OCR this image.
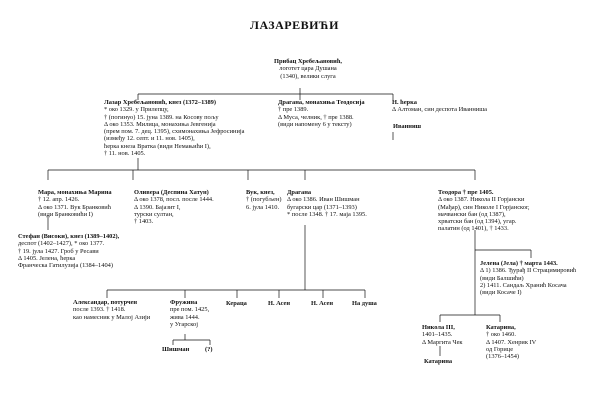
ЛАЗАРЕВИЋИ
Прибац Хребељановић,
логотет цара Душана
(1340), велики слуга
Лазар Хребељановић, кнез (1372–1389)
* око 1329. у Прилепцу,
† (погинуо) 15. јуна 1389. на Косову пољу
Δ око 1353. Милица, монахиња Јевгенија
(прем пом. 7. дец. 1395), схимонахиња Јефросинија
(између 12. септ. и 11. нов. 1405),
ћерка кнеза Вратка (види Немањићи I),
† 11. нов. 1405.
Драгана, монахиња Теодосија
† пре 1389.
Δ Муса, челник, † пре 1388.
(види напомену 6 у тексту)
Н. ћерка
Δ Алтоман, син деспота Иванниша
Иванниш
Мара, монахиња Марина
† 12. апр. 1426.
Δ око 1371. Вук Бранковић
(види Бранковићи I)
Оливера (Деспина Хатун)
Δ око 1378, посл. после 1444.
Δ 1390. Бајазит I,
турски султан,
† 1403.
Вук, кнез,
† (погубљен)
6. јула 1410.
Драгана
Δ око 1386. Иван Шишман
бугарски цар (1371–1393)
* после 1348. † 17. маја 1395.
Теодора † пре 1405.
Δ око 1387. Никола II Горјански
(Мађар), син Николе I Горјанског,
мачвански бан (од 1387),
хрватски бан (од 1394), угар.
палатин (од 1401), † 1433.
Стефан (Високи), кнез (1389–1402),
деспот (1402–1427), * око 1377.
† 19. јула 1427. Гроб у Ресави
Δ 1405. Јелена, ћерка
Франческа Гатилузија (1384–1404)	Јелена (Јела) † марта 1443.
Δ 1) 1386. Ђурађ II Страцимировић
(види Балшићи)
2) 1411. Сандаљ Хранић Косача
(види Косаче I)
Александар, потурчен
после 1393. † 1418.
као намесник у Малој Азији
Фружина
пре пом. 1425,
жива 1444.
у Угарској
Кераца	Н. Асен	Н. Асен	На душа
Шишман (?)
Никола III,
1401–1435.
Δ Маргита Чек
Катарина
Катарина,
† око 1460.
Δ 1407. Хенрик IV
од Горице
(1376–1454)
